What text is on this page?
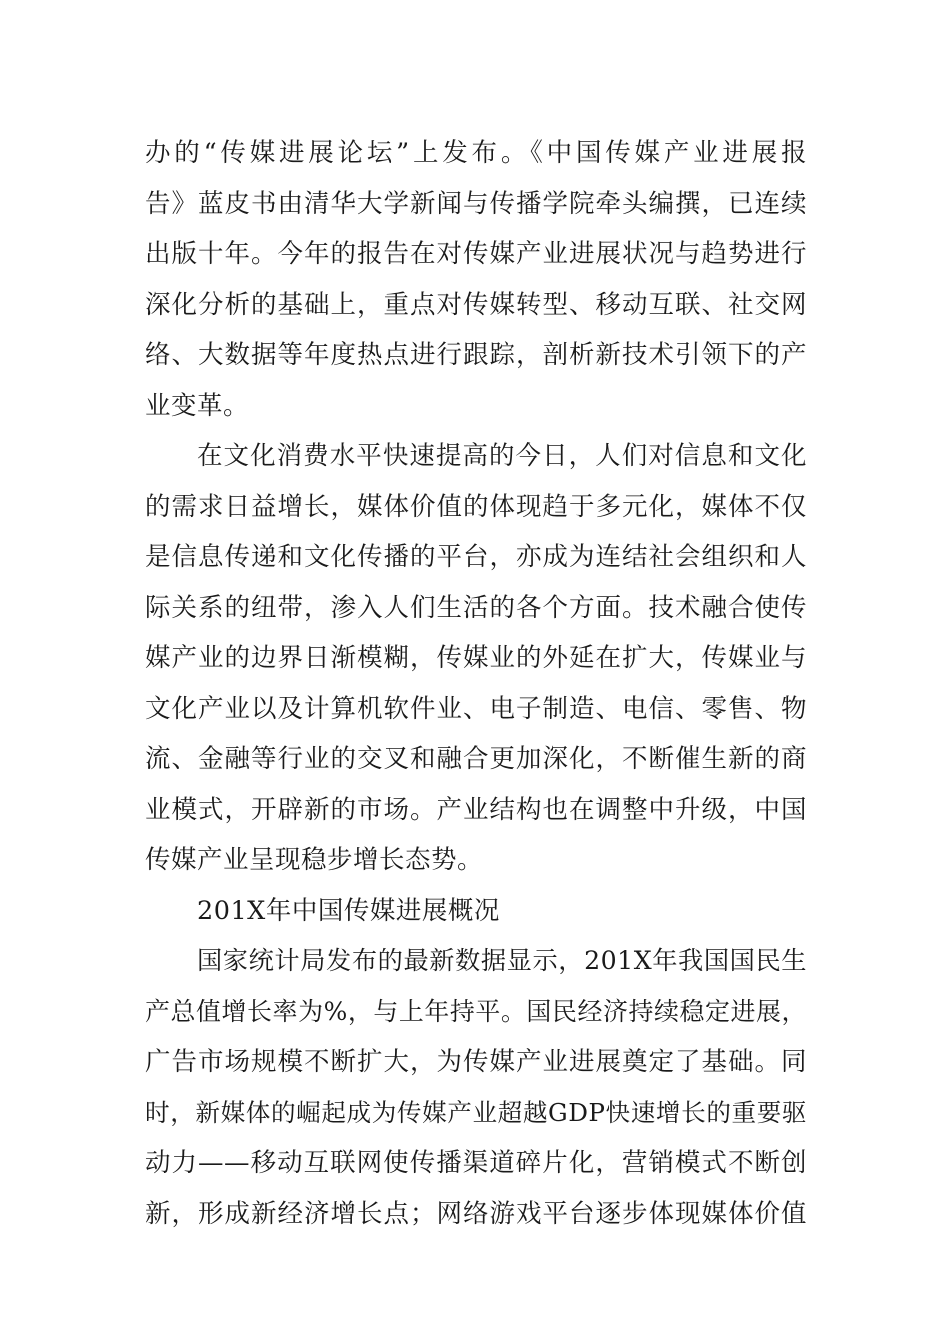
办的“传媒进展论坛”上发布。《中国传媒产业进展报
告》蓝皮书由清华大学新闻与传播学院牵头编撰，已连续
出版十年。今年的报告在对传媒产业进展状况与趋势进行
深化分析的基础上，重点对传媒转型、移动互联、社交网
络、大数据等年度热点进行跟踪，剖析新技术引领下的产
业变革。
在文化消费水平快速提高的今日，人们对信息和文化
的需求日益增长，媒体价值的体现趋于多元化，媒体不仅
是信息传递和文化传播的平台，亦成为连结社会组织和人
际关系的纽带，渗入人们生活的各个方面。技术融合使传
媒产业的边界日渐模糊，传媒业的外延在扩大，传媒业与
文化产业以及计算机软件业、电子制造、电信、零售、物
流、金融等行业的交叉和融合更加深化，不断催生新的商
业模式，开辟新的市场。产业结构也在调整中升级，中国
传媒产业呈现稳步增长态势。
201X年中国传媒进展概况
国家统计局发布的最新数据显示，201X年我国国民生
产总值增长率为%，与上年持平。国民经济持续稳定进展，
广告市场规模不断扩大，为传媒产业进展奠定了基础。同
时，新媒体的崛起成为传媒产业超越GDP快速增长的重要驱
动力——移动互联网使传播渠道碎片化，营销模式不断创
新，形成新经济增长点；网络游戏平台逐步体现媒体价值
